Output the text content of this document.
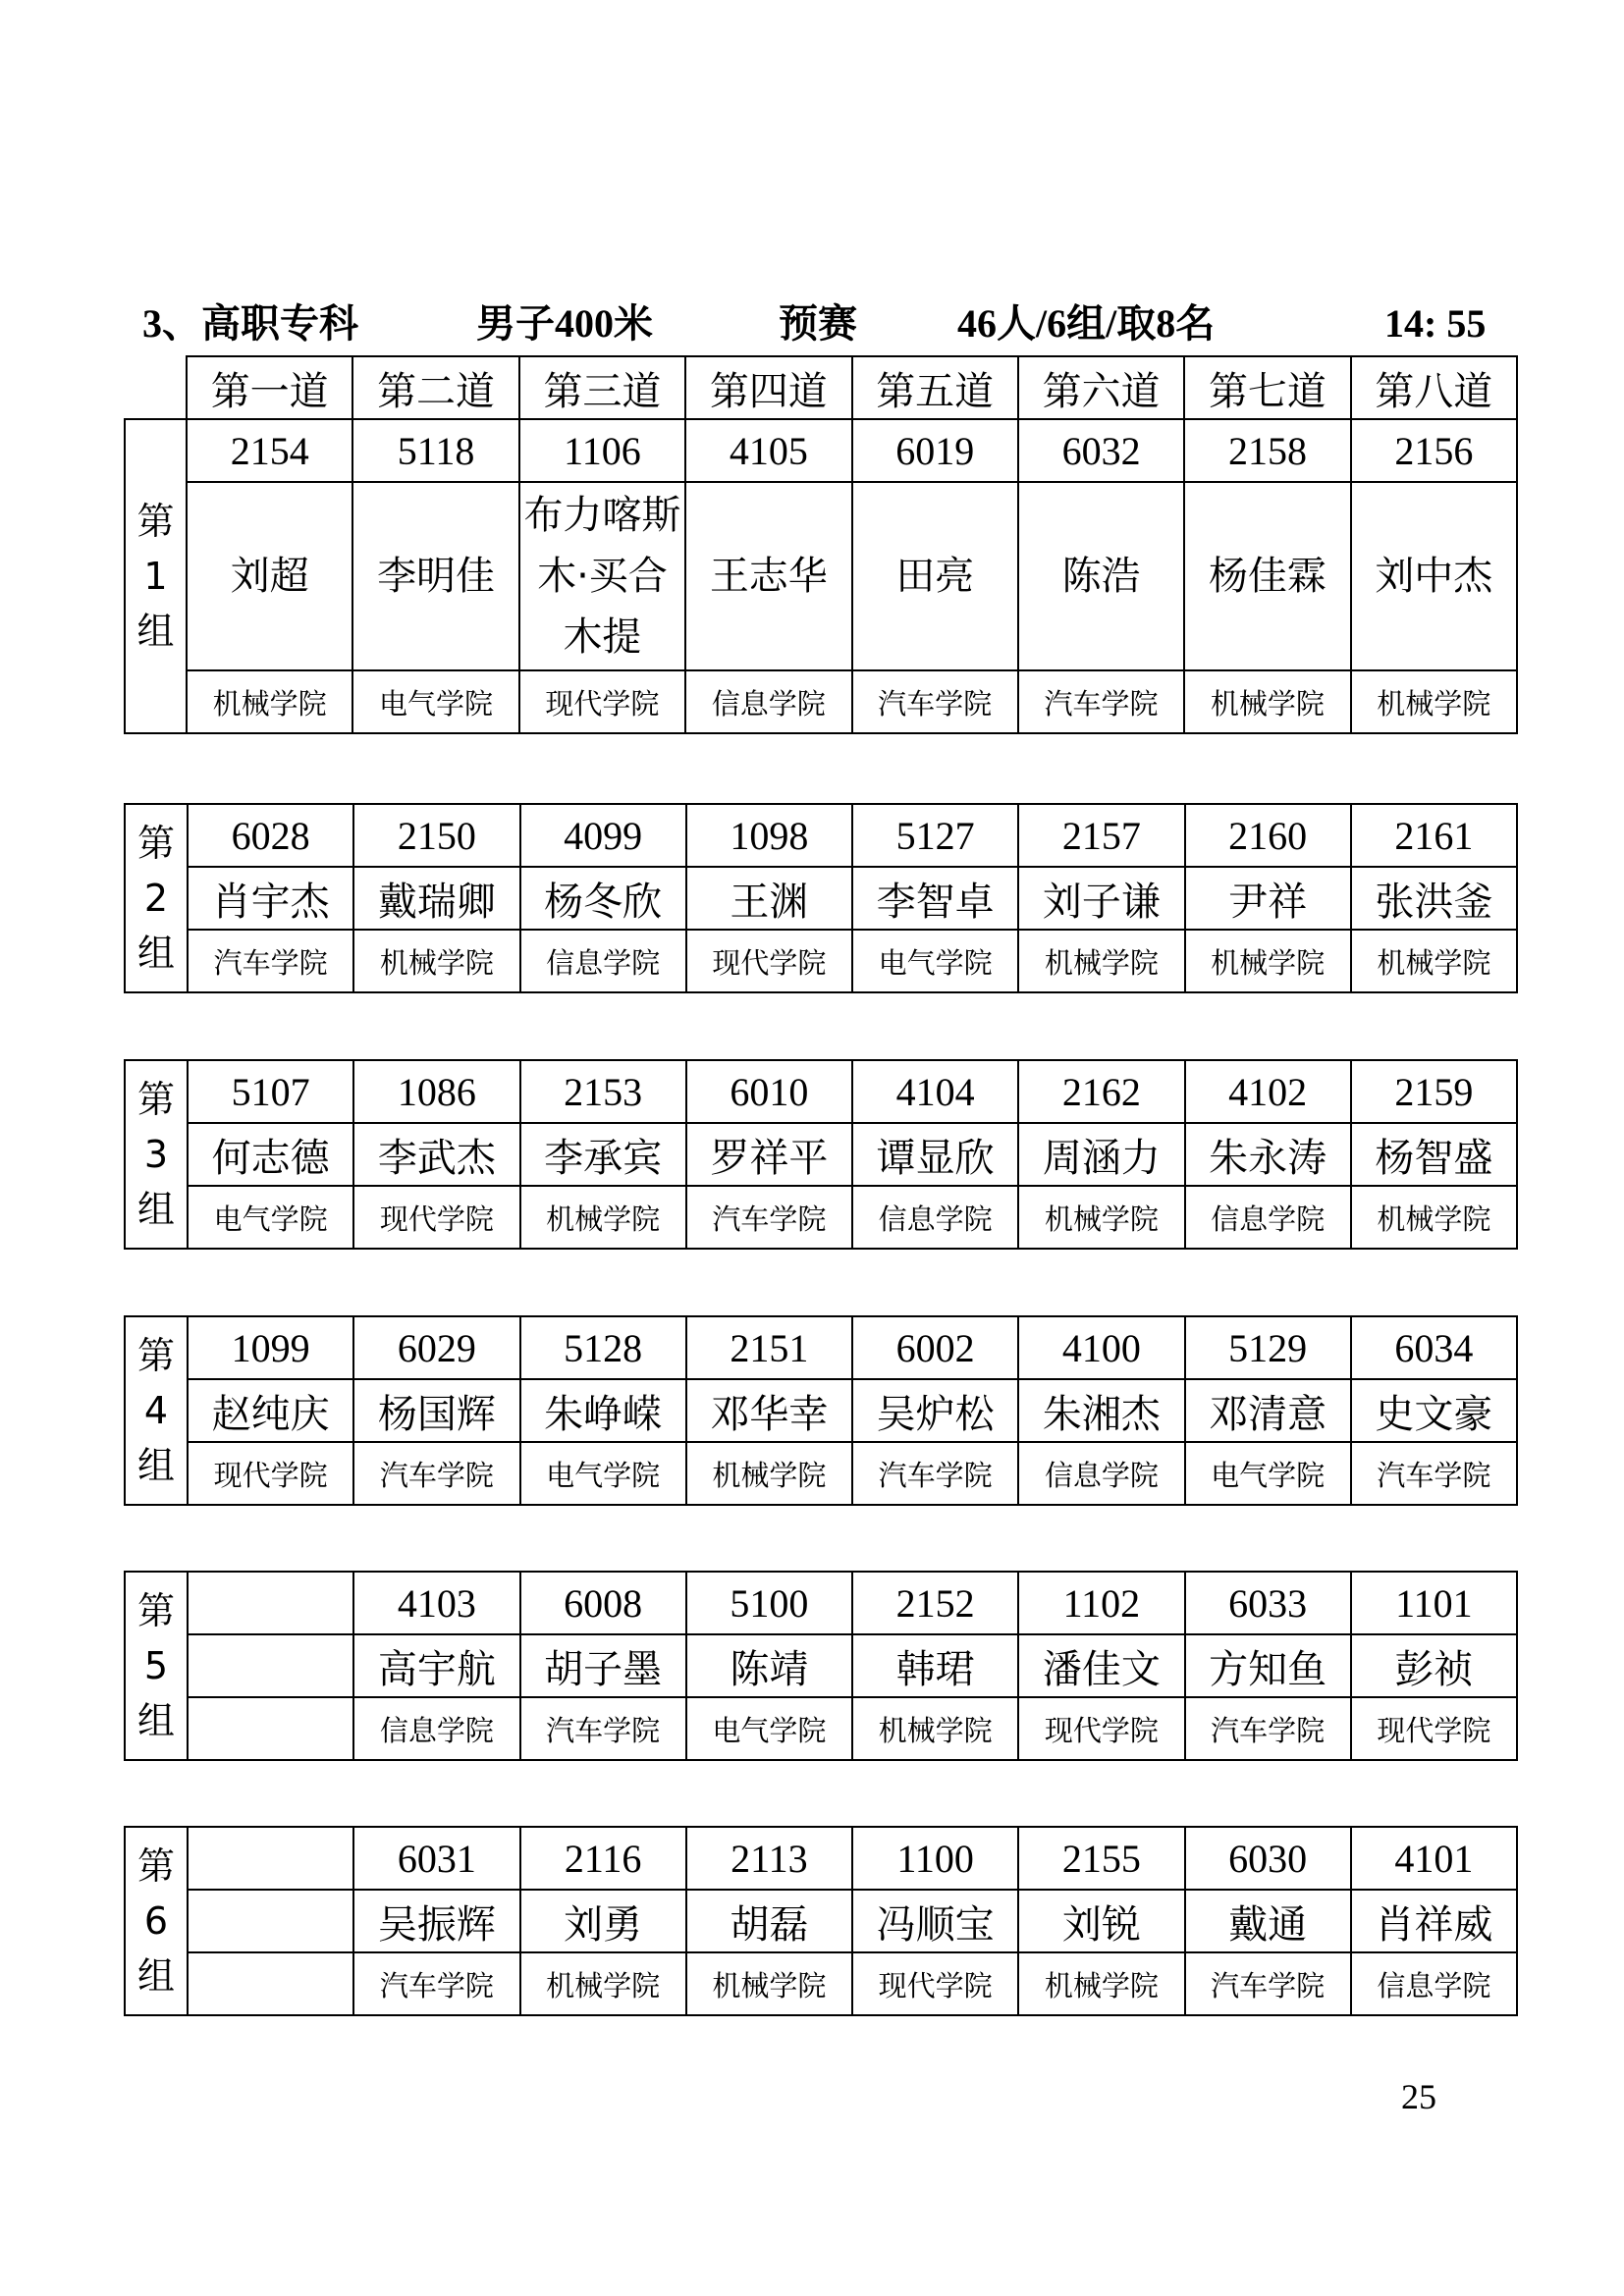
3、高职专科	男子400米	预赛	46人/6组/取8名	14: 55
	第一道	第二道	第三道	第四道	第五道	第六道	第七道	第八道

第
1
组	2154	5118	1106	4105	6019	6032	2158	2156
	刘超	李明佳	布力喀斯木·买合木提	王志华	田亮	陈浩	杨佳霖	刘中杰
	机械学院	电气学院	现代学院	信息学院	汽车学院	汽车学院	机械学院	机械学院
第
2
组	6028	2150	4099	1098	5127	2157	2160	2161
	肖宇杰	戴瑞卿	杨冬欣	王渊	李智卓	刘子谦	尹祥	张洪釜
	汽车学院	机械学院	信息学院	现代学院	电气学院	机械学院	机械学院	机械学院
第
3
组	5107	1086	2153	6010	4104	2162	4102	2159
	何志德	李武杰	李承宾	罗祥平	谭显欣	周涵力	朱永涛	杨智盛
	电气学院	现代学院	机械学院	汽车学院	信息学院	机械学院	信息学院	机械学院
第
4
组	1099	6029	5128	2151	6002	4100	5129	6034
	赵纯庆	杨国辉	朱峥嵘	邓华幸	吴炉松	朱湘杰	邓清意	史文豪
	现代学院	汽车学院	电气学院	机械学院	汽车学院	信息学院	电气学院	汽车学院
第
5
组		4103	6008	5100	2152	1102	6033	1101
		高宇航	胡子墨	陈靖	韩珺	潘佳文	方知鱼	彭祯
		信息学院	汽车学院	电气学院	机械学院	现代学院	汽车学院	现代学院
第
6
组		6031	2116	2113	1100	2155	6030	4101
		吴振辉	刘勇	胡磊	冯顺宝	刘锐	戴通	肖祥威
		汽车学院	机械学院	机械学院	现代学院	机械学院	汽车学院	信息学院
25
